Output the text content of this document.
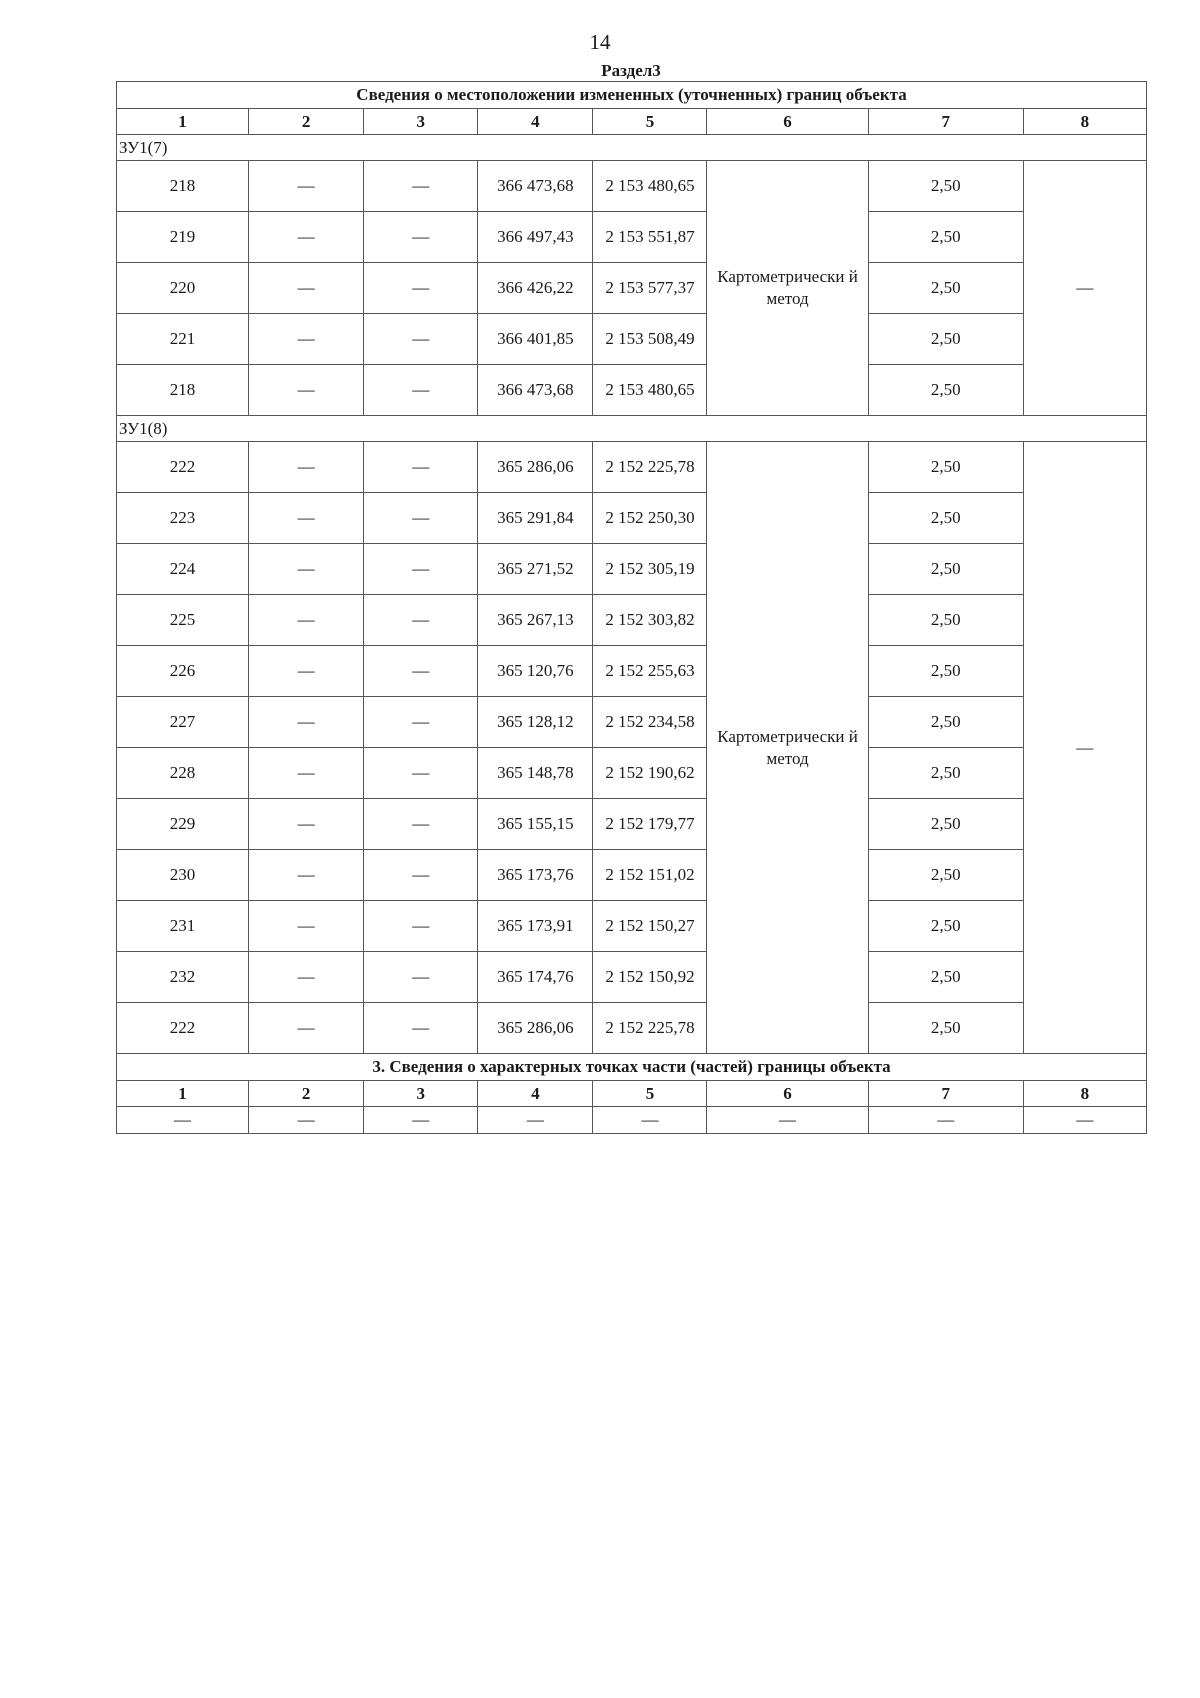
14
Раздел3
Сведения о местоположении измененных (уточненных) границ объекта							
1	2	3	4	5	6	7	8
ЗУ1(7)							
218	—	—	366 473,68	2 153 480,65	Картометрически й метод	2,50	—
219	—	—	366 497,43	2 153 551,87		2,50	
220	—	—	366 426,22	2 153 577,37		2,50	
221	—	—	366 401,85	2 153 508,49		2,50	
218	—	—	366 473,68	2 153 480,65		2,50	
ЗУ1(8)							
222	—	—	365 286,06	2 152 225,78	Картометрически й метод	2,50	—
223	—	—	365 291,84	2 152 250,30		2,50	
224	—	—	365 271,52	2 152 305,19		2,50	
225	—	—	365 267,13	2 152 303,82		2,50	
226	—	—	365 120,76	2 152 255,63		2,50	
227	—	—	365 128,12	2 152 234,58		2,50	
228	—	—	365 148,78	2 152 190,62		2,50	
229	—	—	365 155,15	2 152 179,77		2,50	
230	—	—	365 173,76	2 152 151,02		2,50	
231	—	—	365 173,91	2 152 150,27		2,50	
232	—	—	365 174,76	2 152 150,92		2,50	
222	—	—	365 286,06	2 152 225,78		2,50	
3. Сведения о характерных точках части (частей) границы объекта							
1	2	3	4	5	6	7	8
—	—	—	—	—	—	—	—
